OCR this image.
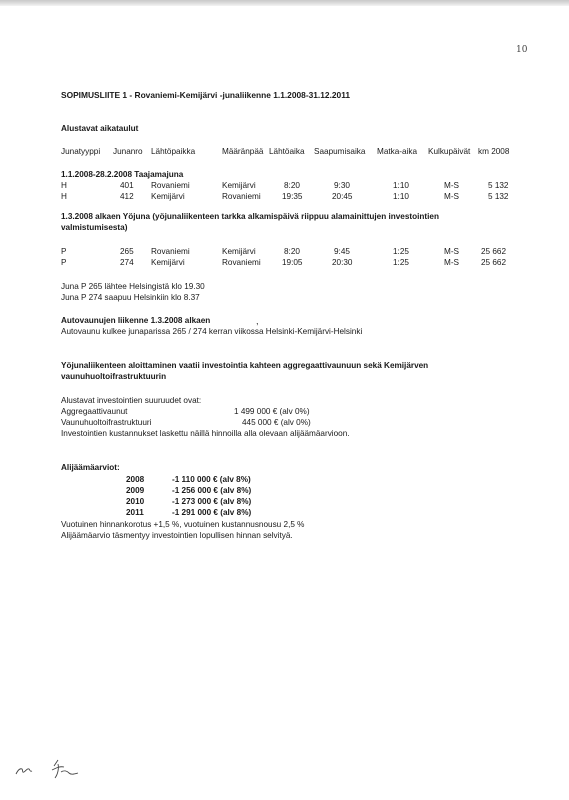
10
SOPIMUSLIITE 1 - Rovaniemi-Kemijärvi -junaliikenne 1.1.2008-31.12.2011
Alustavat aikataulut
Junatyyppi Junanro Lähtöpaikka	Määränpää Lähtöaika Saapumisaika Matka-aika Kulkupäivät km 2008
1.1.2008-28.2.2008 Taajamajuna
H	401 Rovaniemi	Kemijärvi	8:20	9:30	1:10	M-S	5 132
H	412 Kemijärvi	Rovaniemi	19:35	20:45	1:10	M-S	5 132
1.3.2008 alkaen Yöjuna (yöjunaliikenteen tarkka alkamispäivä riippuu alamainittujen investointien
valmistumisesta)
P	265 Rovaniemi	Kemijärvi	8:20	9:45	1:25	M-S	25 662
P	274 Kemijärvi	Rovaniemi	19:05	20:30	1:25	M-S	25 662
Juna P 265 lähtee Helsingistä klo 19.30
Juna P 274 saapuu Helsinkiin klo 8.37
Autovaunujen liikenne 1.3.2008 alkaen	,
Autovaunu kulkee junaparissa 265 / 274 kerran viikossa Helsinki-Kemijärvi-Helsinki
Yöjunaliikenteen aloittaminen vaatii investointia kahteen aggregaattivaunuun sekä Kemijärven
vaunuhuoltoifrastruktuurin
Alustavat investointien suuruudet ovat:
Aggregaattivaunut	1 499 000 € (alv 0%)
Vaunuhuoltoifrastruktuuri	445 000 € (alv 0%)
Investointien kustannukset laskettu näillä hinnoilla alla olevaan alijäämäarvioon.
Alijäämäarviot:
2008	-1 110 000 € (alv 8%)
2009	-1 256 000 € (alv 8%)
2010	-1 273 000 € (alv 8%)
2011	-1 291 000 € (alv 8%)
Vuotuinen hinnankorotus +1,5 %, vuotuinen kustannusnousu 2,5 %
Alijäämäarvio täsmentyy investointien lopullisen hinnan selvityä.
